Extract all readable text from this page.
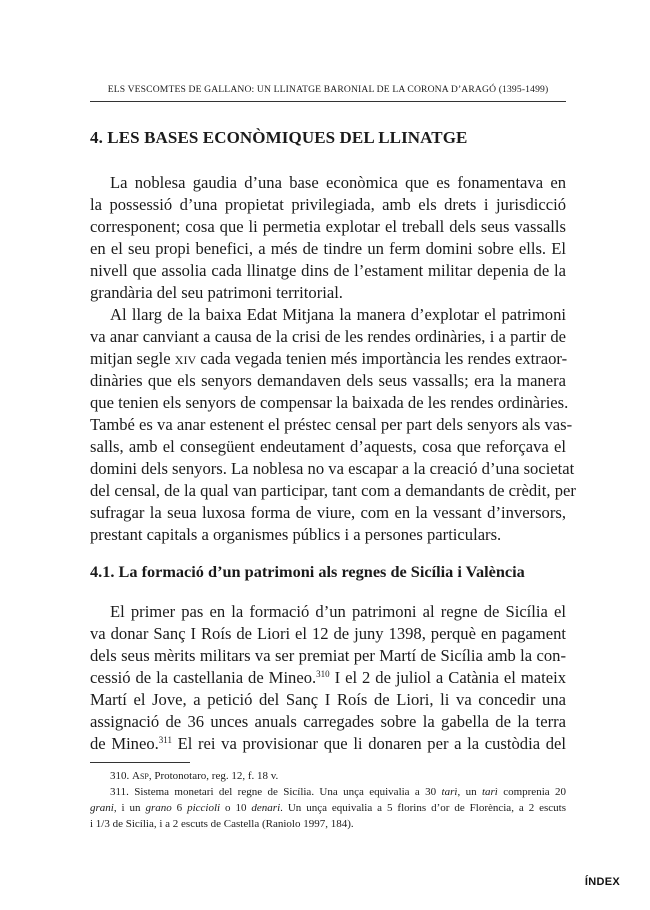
ELS VESCOMTES DE GALLANO: UN LLINATGE BARONIAL DE LA CORONA D’ARAGÓ (1395-1499)
4. LES BASES ECONÒMIQUES DEL LLINATGE
La noblesa gaudia d’una base econòmica que es fonamentava en
la possessió d’una propietat privilegiada, amb els drets i jurisdicció
corresponent; cosa que li permetia explotar el treball dels seus vassalls
en el seu propi benefici, a més de tindre un ferm domini sobre ells. El
nivell que assolia cada llinatge dins de l’estament militar depenia de la
grandària del seu patrimoni territorial.
Al llarg de la baixa Edat Mitjana la manera d’explotar el patrimoni
va anar canviant a causa de la crisi de les rendes ordinàries, i a partir de
mitjan segle xiv cada vegada tenien més importància les rendes extraor-
dinàries que els senyors demandaven dels seus vassalls; era la manera
que tenien els senyors de compensar la baixada de les rendes ordinàries.
També es va anar estenent el préstec censal per part dels senyors als vas-
salls, amb el consegüent endeutament d’aquests, cosa que reforçava el
domini dels senyors. La noblesa no va escapar a la creació d’una societat
del censal, de la qual van participar, tant com a demandants de crèdit, per
sufragar la seua luxosa forma de viure, com en la vessant d’inversors,
prestant capitals a organismes públics i a persones particulars.
4.1. La formació d’un patrimoni als regnes de Sicília i València
El primer pas en la formació d’un patrimoni al regne de Sicília el
va donar Sanç I Roís de Liori el 12 de juny 1398, perquè en pagament
dels seus mèrits militars va ser premiat per Martí de Sicília amb la con-
cessió de la castellania de Mineo.$^{310}$ I el 2 de juliol a Catània el mateix
Martí el Jove, a petició del Sanç I Roís de Liori, li va concedir una
assignació de 36 unces anuals carregades sobre la gabella de la terra
de Mineo.$^{311}$ El rei va provisionar que li donaren per a la custòdia del
310. Asp, Protonotaro, reg. 12, f. 18 v.
311. Sistema monetari del regne de Sicília. Una unça equivalia a 30 tarì, un tarì comprenia 20
grani, i un grano 6 piccioli o 10 denari. Un unça equivalia a 5 florins d’or de Florència, a 2 escuts
i 1/3 de Sicília, i a 2 escuts de Castella (Raniolo 1997, 184).
ÍNDEX
